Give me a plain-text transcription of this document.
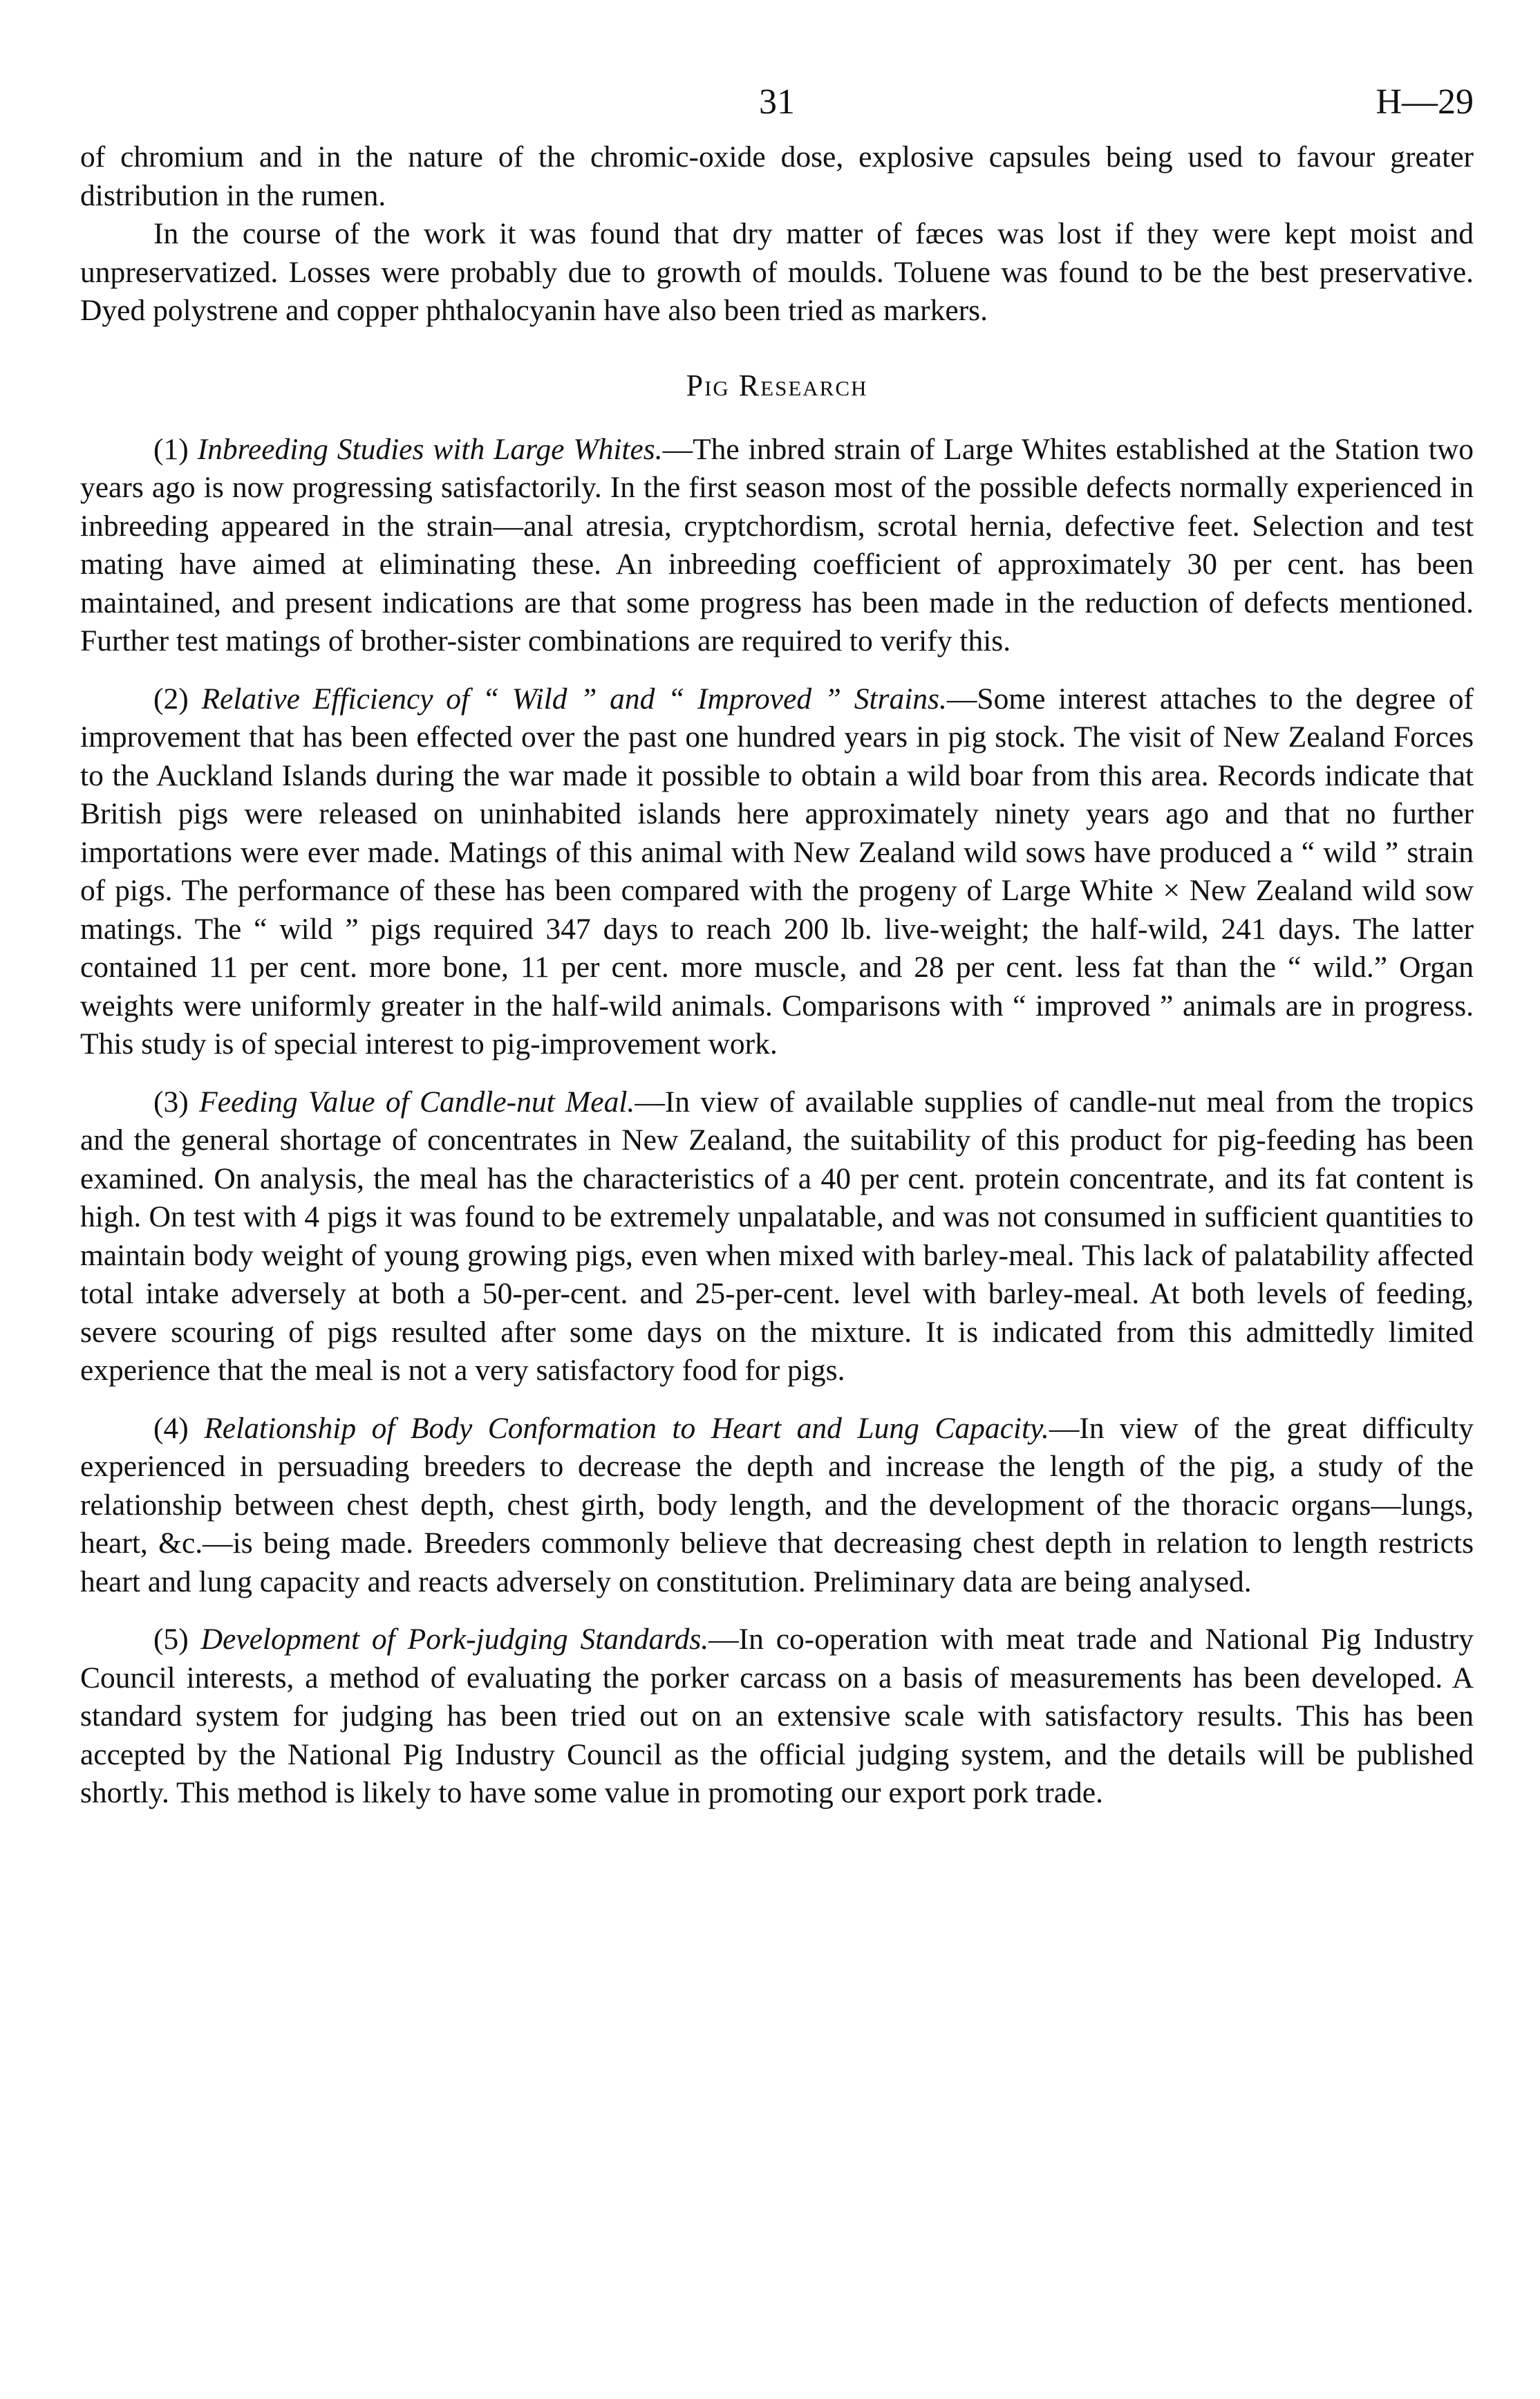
31	H—29

of chromium and in the nature of the chromic-oxide dose, explosive capsules being used to favour greater distribution in the rumen.

In the course of the work it was found that dry matter of fæces was lost if they were kept moist and unpreservatized. Losses were probably due to growth of moulds. Toluene was found to be the best preservative. Dyed polystrene and copper phthalocyanin have also been tried as markers.

Pig Research

(1) Inbreeding Studies with Large Whites.—The inbred strain of Large Whites established at the Station two years ago is now progressing satisfactorily. In the first season most of the possible defects normally experienced in inbreeding appeared in the strain—anal atresia, cryptchordism, scrotal hernia, defective feet. Selection and test mating have aimed at eliminating these. An inbreeding coefficient of approximately 30 per cent. has been maintained, and present indications are that some progress has been made in the reduction of defects mentioned. Further test matings of brother-sister combinations are required to verify this.

(2) Relative Efficiency of “ Wild ” and “ Improved ” Strains.—Some interest attaches to the degree of improvement that has been effected over the past one hundred years in pig stock. The visit of New Zealand Forces to the Auckland Islands during the war made it possible to obtain a wild boar from this area. Records indicate that British pigs were released on uninhabited islands here approximately ninety years ago and that no further importations were ever made. Matings of this animal with New Zealand wild sows have produced a “ wild ” strain of pigs. The performance of these has been compared with the progeny of Large White × New Zealand wild sow matings. The “ wild ” pigs required 347 days to reach 200 lb. live-weight; the half-wild, 241 days. The latter contained 11 per cent. more bone, 11 per cent. more muscle, and 28 per cent. less fat than the “ wild.” Organ weights were uniformly greater in the half-wild animals. Comparisons with “ improved ” animals are in progress. This study is of special interest to pig-improvement work.

(3) Feeding Value of Candle-nut Meal.—In view of available supplies of candle-nut meal from the tropics and the general shortage of concentrates in New Zealand, the suitability of this product for pig-feeding has been examined. On analysis, the meal has the characteristics of a 40 per cent. protein concentrate, and its fat content is high. On test with 4 pigs it was found to be extremely unpalatable, and was not consumed in sufficient quantities to maintain body weight of young growing pigs, even when mixed with barley-meal. This lack of palatability affected total intake adversely at both a 50-per-cent. and 25-per-cent. level with barley-meal. At both levels of feeding, severe scouring of pigs resulted after some days on the mixture. It is indicated from this admittedly limited experience that the meal is not a very satisfactory food for pigs.

(4) Relationship of Body Conformation to Heart and Lung Capacity.—In view of the great difficulty experienced in persuading breeders to decrease the depth and increase the length of the pig, a study of the relationship between chest depth, chest girth, body length, and the development of the thoracic organs—lungs, heart, &c.—is being made. Breeders commonly believe that decreasing chest depth in relation to length restricts heart and lung capacity and reacts adversely on constitution. Preliminary data are being analysed.

(5) Development of Pork-judging Standards.—In co-operation with meat trade and National Pig Industry Council interests, a method of evaluating the porker carcass on a basis of measurements has been developed. A standard system for judging has been tried out on an extensive scale with satisfactory results. This has been accepted by the National Pig Industry Council as the official judging system, and the details will be published shortly. This method is likely to have some value in promoting our export pork trade.
